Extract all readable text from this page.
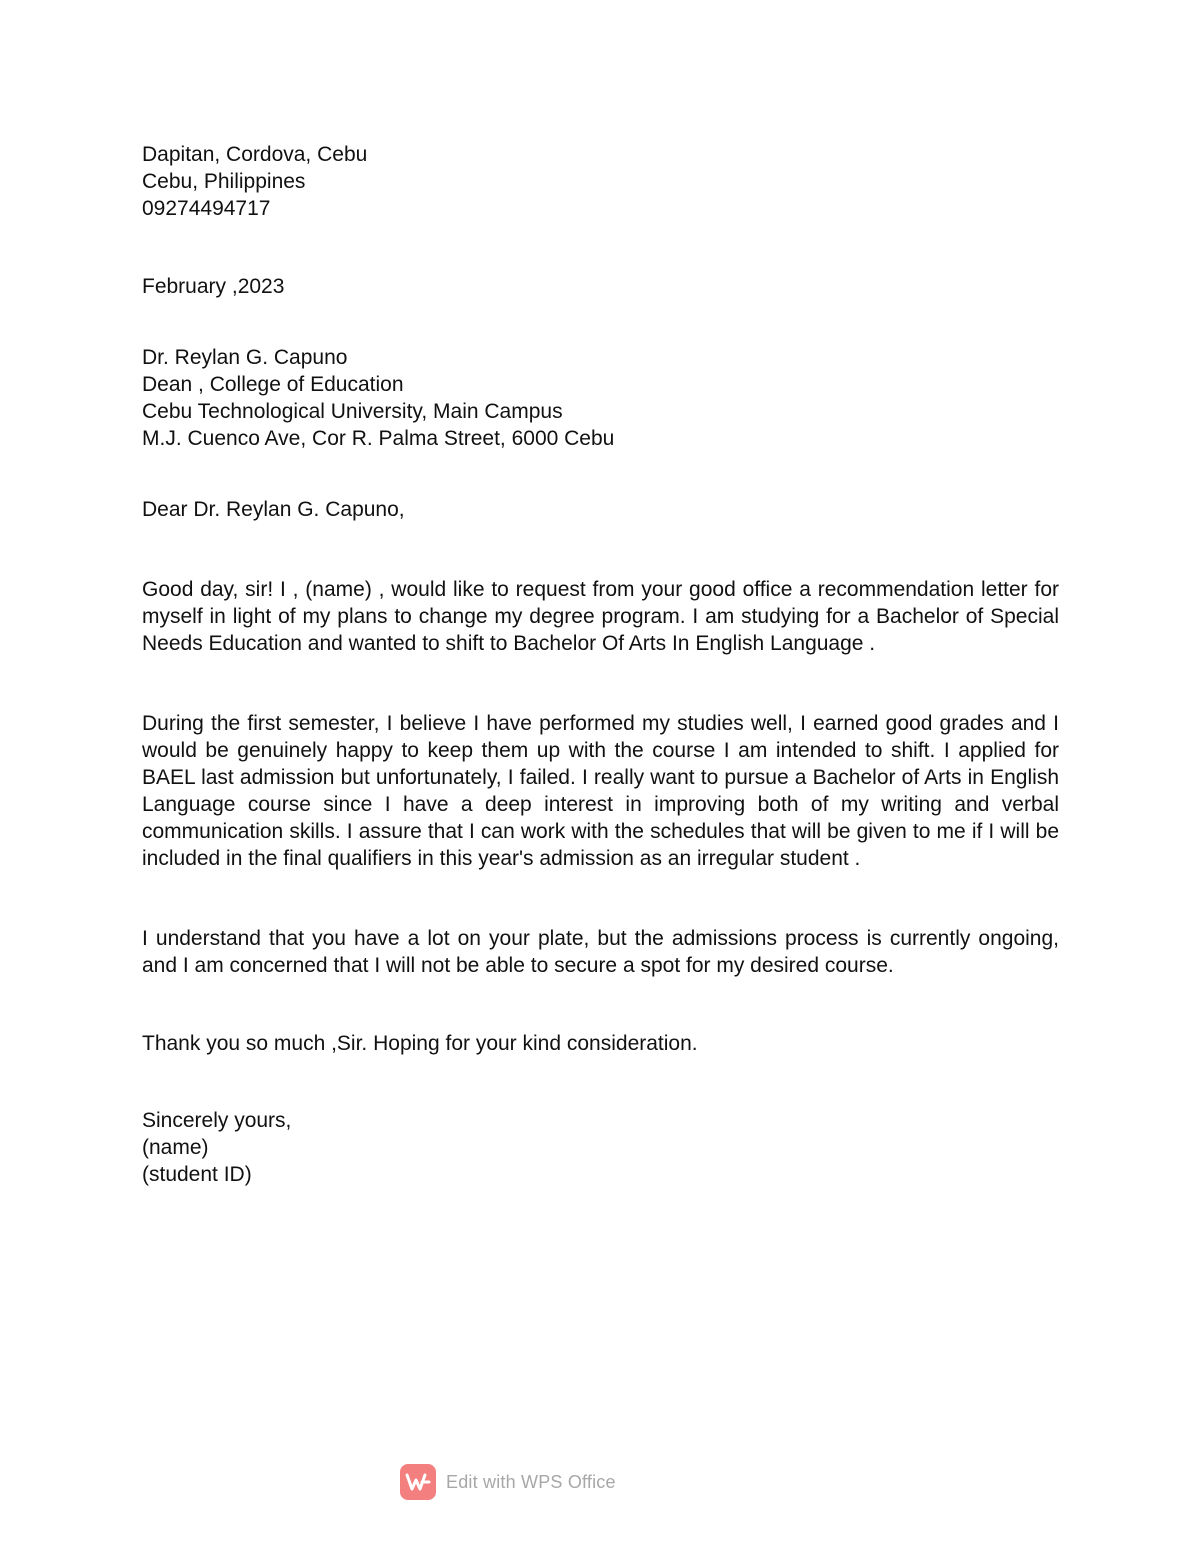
Dapitan, Cordova, Cebu
Cebu, Philippines
09274494717
February ,2023
Dr. Reylan G. Capuno
Dean , College of Education
Cebu Technological University, Main Campus
M.J. Cuenco Ave, Cor R. Palma Street, 6000 Cebu
Dear Dr. Reylan G. Capuno,

Good day, sir! I , (name) , would like to request from your good office a recommendation letter for myself in light of my plans to change my degree program. I am studying for a Bachelor of Special Needs Education and wanted to shift to Bachelor Of Arts In English Language .

During the first semester, I believe I have performed my studies well, I earned good grades and I would be genuinely happy to keep them up with the course I am intended to shift. I applied for BAEL last admission but unfortunately, I failed. I really want to pursue a Bachelor of Arts in English Language course since I have a deep interest in improving both of my writing and verbal communication skills. I assure that I can work with the schedules that will be given to me if I will be included in the final qualifiers in this year's admission as an irregular student .

I understand that you have a lot on your plate, but the admissions process is currently ongoing, and I am concerned that I will not be able to secure a spot for my desired course.

Thank you so much ,Sir. Hoping for your kind consideration.
Sincerely yours,
(name)
(student ID)
Edit with WPS Office
